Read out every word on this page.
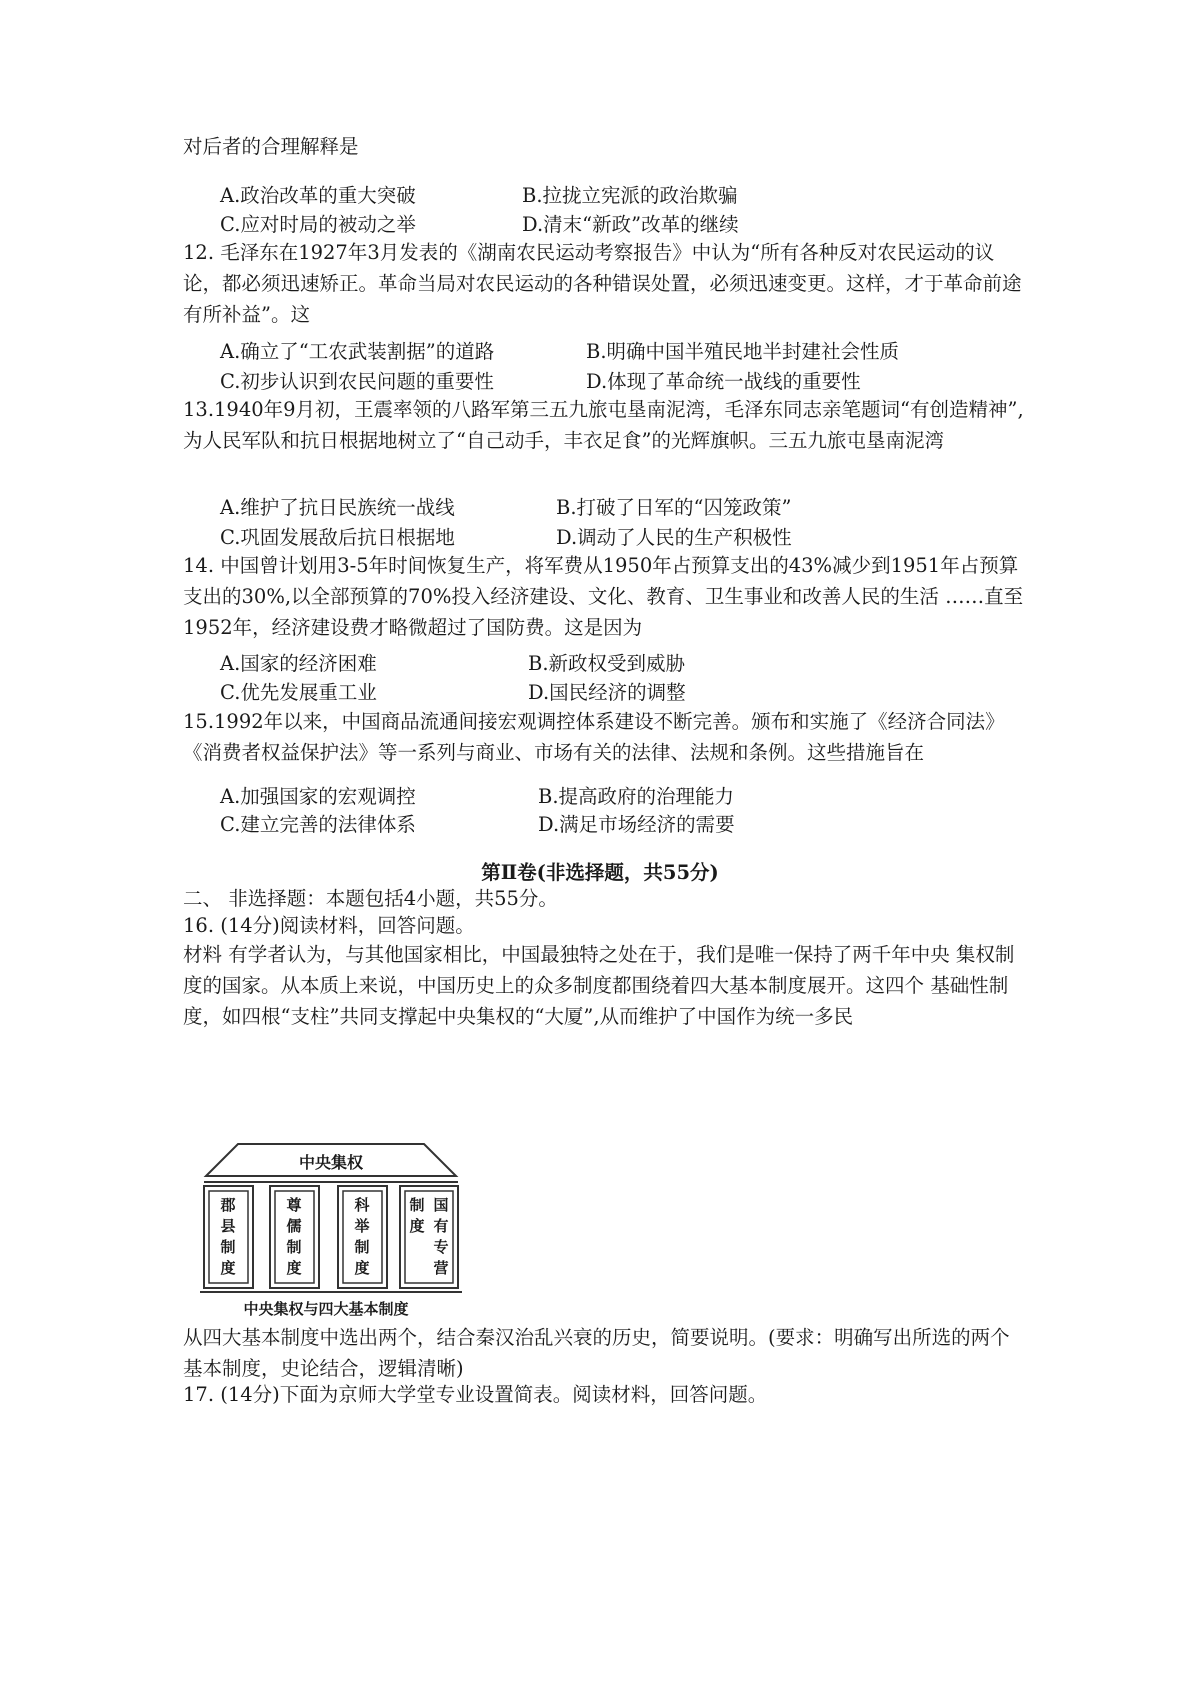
对后者的合理解释是

A.政治改革的重大突破	B.拉拢立宪派的政治欺骗
C.应对时局的被动之举	D.清末“新政”改革的继续

12. 毛泽东在1927年3月发表的《湖南农民运动考察报告》中认为“所有各种反对农民运动的议论，都必须迅速矫正。革命当局对农民运动的各种错误处置，必须迅速变更。这样，才于革命前途有所补益”。这

A.确立了“工农武装割据”的道路	B.明确中国半殖民地半封建社会性质
C.初步认识到农民问题的重要性	D.体现了革命统一战线的重要性

13.1940年9月初，王震率领的八路军第三五九旅屯垦南泥湾，毛泽东同志亲笔题词“有创造精神”,为人民军队和抗日根据地树立了“自己动手，丰衣足食”的光辉旗帜。三五九旅屯垦南泥湾

A.维护了抗日民族统一战线	B.打破了日军的“囚笼政策”
C.巩固发展敌后抗日根据地	D.调动了人民的生产积极性

14. 中国曾计划用3-5年时间恢复生产，将军费从1950年占预算支出的43%减少到1951年占预算支出的30%,以全部预算的70%投入经济建设、文化、教育、卫生事业和改善人民的生活 ……直至1952年，经济建设费才略微超过了国防费。这是因为

A.国家的经济困难	B.新政权受到威胁
C.优先发展重工业	D.国民经济的调整

15.1992年以来，中国商品流通间接宏观调控体系建设不断完善。颁布和实施了《经济合同法》《消费者权益保护法》等一系列与商业、市场有关的法律、法规和条例。这些措施旨在

A.加强国家的宏观调控	B.提高政府的治理能力
C.建立完善的法律体系	D.满足市场经济的需要

第Ⅱ卷(非选择题，共55分)

二、 非选择题：本题包括4小题，共55分。

16. (14分)阅读材料，回答问题。

材料 有学者认为，与其他国家相比，中国最独特之处在于，我们是唯一保持了两千年中央 集权制度的国家。从本质上来说，中国历史上的众多制度都围绕着四大基本制度展开。这四个 基础性制度，如四根“支柱”共同支撑起中央集权的“大厦”,从而维护了中国作为统一多民

中央集权
郡
县
制
度
尊
儒
制
度
科
举
制
度
制
度
国
有
专
营
中央集权与四大基本制度

从四大基本制度中选出两个，结合秦汉治乱兴衰的历史，简要说明。(要求：明确写出所选的两个基本制度，史论结合，逻辑清晰)

17. (14分)下面为京师大学堂专业设置简表。阅读材料，回答问题。
